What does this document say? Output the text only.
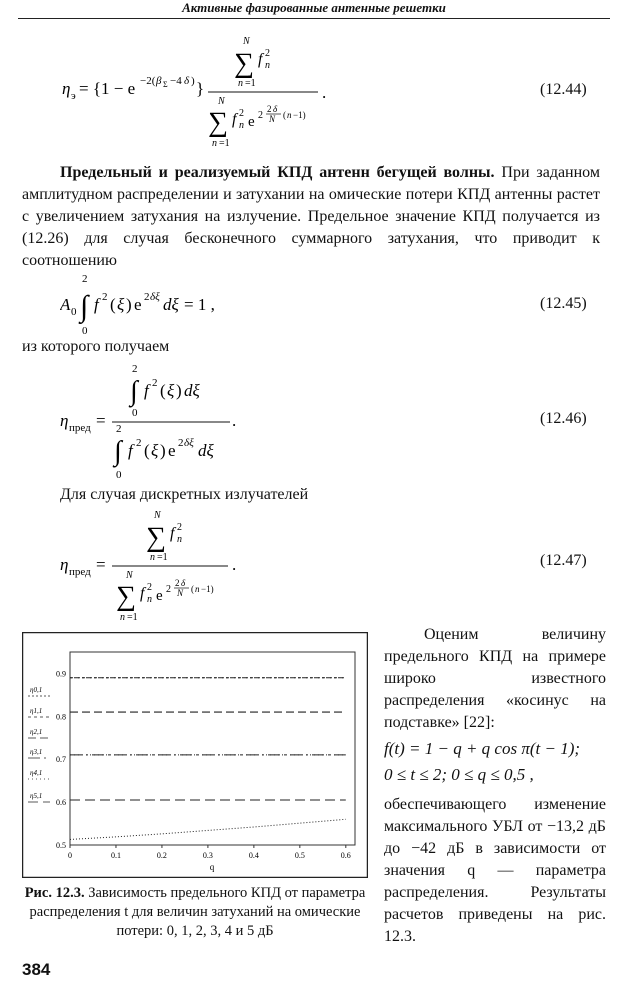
Активные фазированные антенные решетки
η э = {1 − e −2( β Σ −4 δ ) }
N
∑ f n
2
n =1
N
∑ f n
2
e 2
2 δ
N ( n −1)
n =1
.	(12.44)
Предельный и реализуемый КПД антенн бегущей волны. При заданном амплитудном распределении и затухании на омические потери КПД антенны растет с увеличением затухания на излучение. Предельное значение КПД получается из (12.26) для случая бесконечного суммарного затухания, что приводит к соотношению
2
A 0 ∫
0
f 2 ( ξ ) e 2 δξ dξ = 1 ,	(12.45)
из которого получаем
2
∫
0
f 2 ( ξ ) dξ
η пред = 2
∫
0
f 2 ( ξ ) e 2 δξ dξ
.	(12.46)
Для случая дискретных излучателей
N
∑ f n
2
n =1
η пред =
N
∑ f n
2
e 2
2 δ
N ( n −1)
n =1
.	(12.47)
η0,1
η1,1
η2,1
η3,1
η4,1
η5,1
0.9
0.8
0.7
0.6
0.5
0	0.1	0.2	0.3	0.4	0.5	0.6
q
Рис. 12.3. Зависимость предельного КПД от параметра распределения t для величин затуханий на омические потери: 0, 1, 2, 3, 4 и 5 дБ

Оценим величину предельного КПД на примере широко известного распределения «косинус на подставке» [22]:

f(t) = 1 − q + q cos π(t − 1);

0 ≤ t ≤ 2; 0 ≤ q ≤ 0,5 ,

обеспечивающего изменение максимального УБЛ от −13,2 дБ до −42 дБ в зависимости от значения q — параметра распределения. Результаты расчетов приведены на рис. 12.3.

384
